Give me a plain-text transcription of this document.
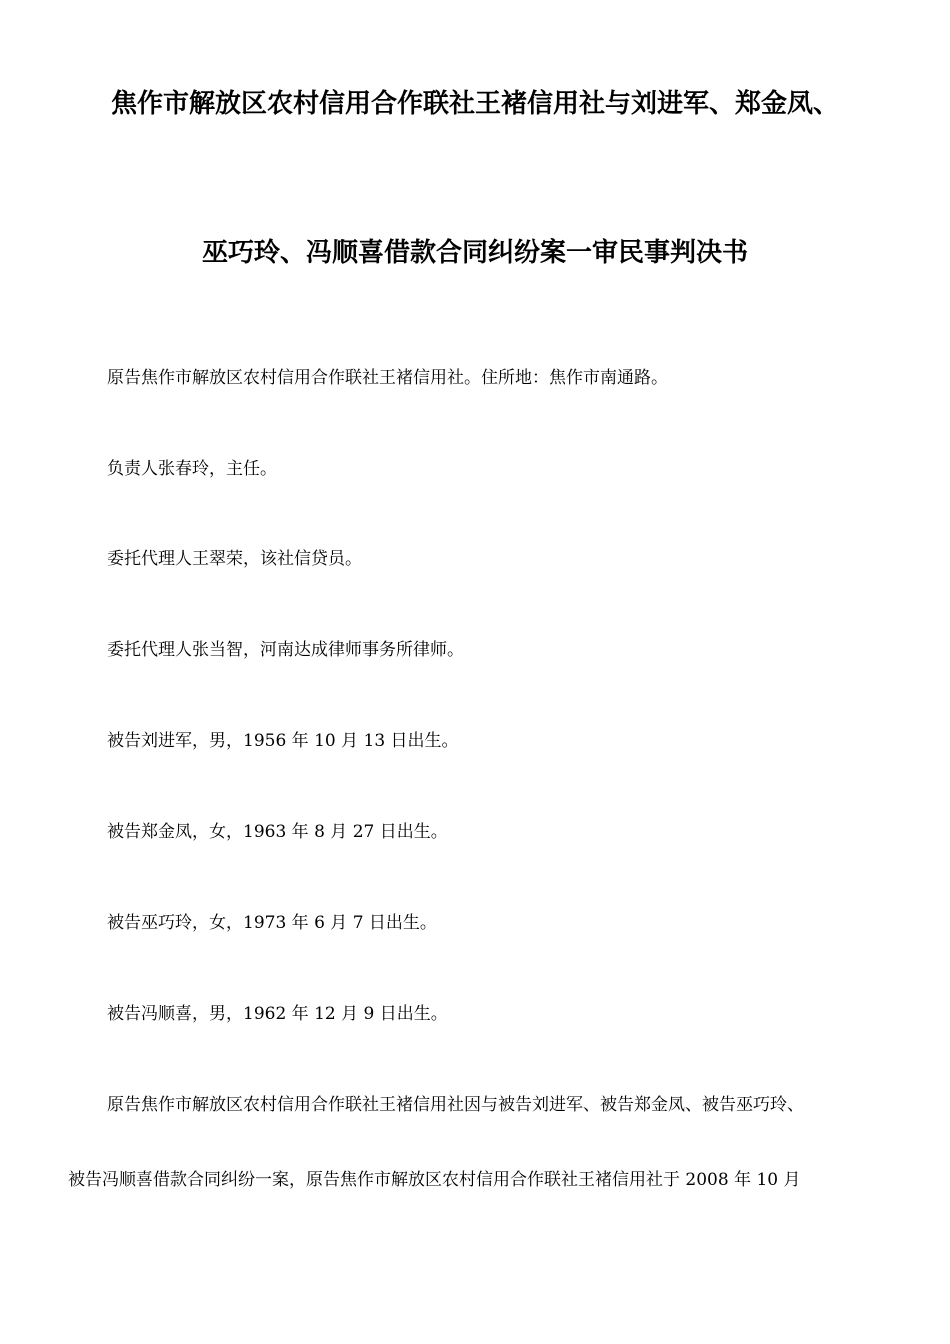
焦作市解放区农村信用合作联社王褚信用社与刘进军、郑金凤、
巫巧玲、冯顺喜借款合同纠纷案一审民事判决书
原告焦作市解放区农村信用合作联社王褚信用社。住所地：焦作市南通路。
负责人张春玲，主任。
委托代理人王翠荣，该社信贷员。
委托代理人张当智，河南达成律师事务所律师。
被告刘进军，男，1956 年 10 月 13 日出生。
被告郑金凤，女，1963 年 8 月 27 日出生。
被告巫巧玲，女，1973 年 6 月 7 日出生。
被告冯顺喜，男，1962 年 12 月 9 日出生。
原告焦作市解放区农村信用合作联社王褚信用社因与被告刘进军、被告郑金凤、被告巫巧玲、
被告冯顺喜借款合同纠纷一案，原告焦作市解放区农村信用合作联社王褚信用社于 2008 年 10 月
